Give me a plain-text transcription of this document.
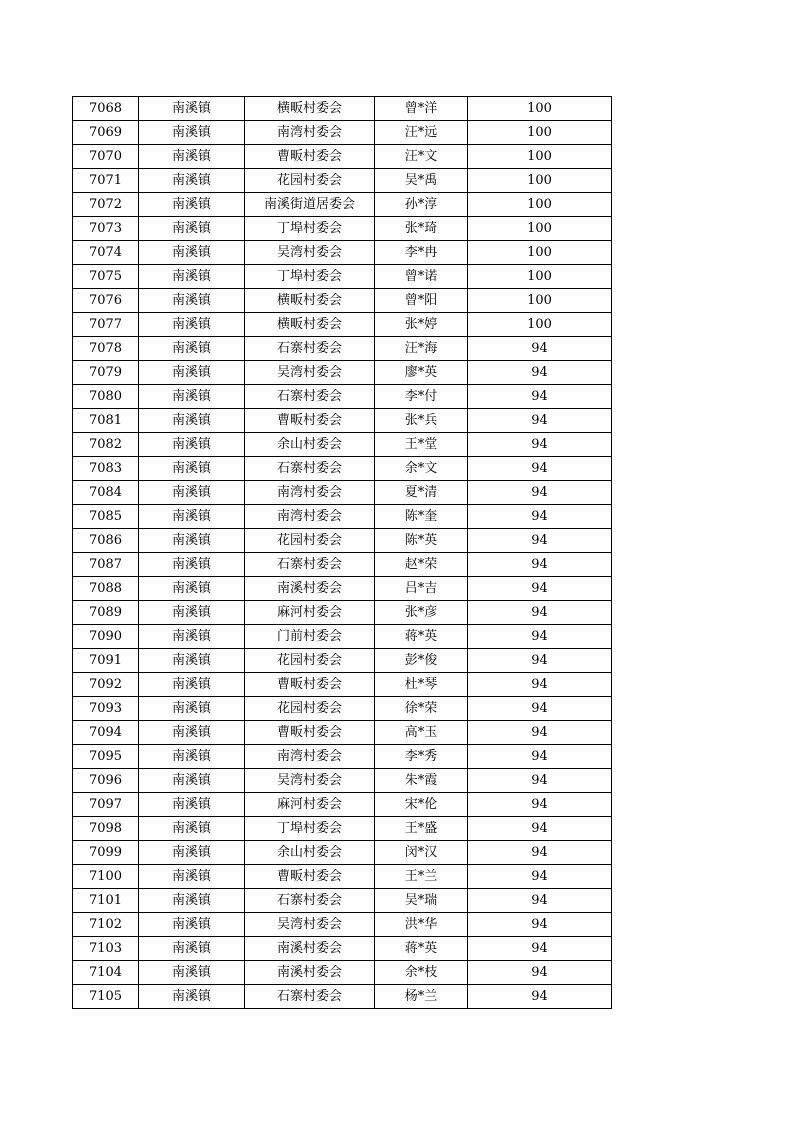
7068	南溪镇	横畈村委会	曾*洋	100
7069	南溪镇	南湾村委会	汪*远	100
7070	南溪镇	曹畈村委会	汪*文	100
7071	南溪镇	花园村委会	吴*禹	100
7072	南溪镇	南溪街道居委会	孙*淳	100
7073	南溪镇	丁埠村委会	张*琦	100
7074	南溪镇	吴湾村委会	李*冉	100
7075	南溪镇	丁埠村委会	曾*诺	100
7076	南溪镇	横畈村委会	曾*阳	100
7077	南溪镇	横畈村委会	张*婷	100
7078	南溪镇	石寨村委会	汪*海	94
7079	南溪镇	吴湾村委会	廖*英	94
7080	南溪镇	石寨村委会	李*付	94
7081	南溪镇	曹畈村委会	张*兵	94
7082	南溪镇	余山村委会	王*堂	94
7083	南溪镇	石寨村委会	余*文	94
7084	南溪镇	南湾村委会	夏*清	94
7085	南溪镇	南湾村委会	陈*奎	94
7086	南溪镇	花园村委会	陈*英	94
7087	南溪镇	石寨村委会	赵*荣	94
7088	南溪镇	南溪村委会	吕*吉	94
7089	南溪镇	麻河村委会	张*彦	94
7090	南溪镇	门前村委会	蒋*英	94
7091	南溪镇	花园村委会	彭*俊	94
7092	南溪镇	曹畈村委会	杜*琴	94
7093	南溪镇	花园村委会	徐*荣	94
7094	南溪镇	曹畈村委会	高*玉	94
7095	南溪镇	南湾村委会	李*秀	94
7096	南溪镇	吴湾村委会	朱*霞	94
7097	南溪镇	麻河村委会	宋*伦	94
7098	南溪镇	丁埠村委会	王*盛	94
7099	南溪镇	余山村委会	闵*汉	94
7100	南溪镇	曹畈村委会	王*兰	94
7101	南溪镇	石寨村委会	吴*瑞	94
7102	南溪镇	吴湾村委会	洪*华	94
7103	南溪镇	南溪村委会	蒋*英	94
7104	南溪镇	南溪村委会	余*枝	94
7105	南溪镇	石寨村委会	杨*兰	94
